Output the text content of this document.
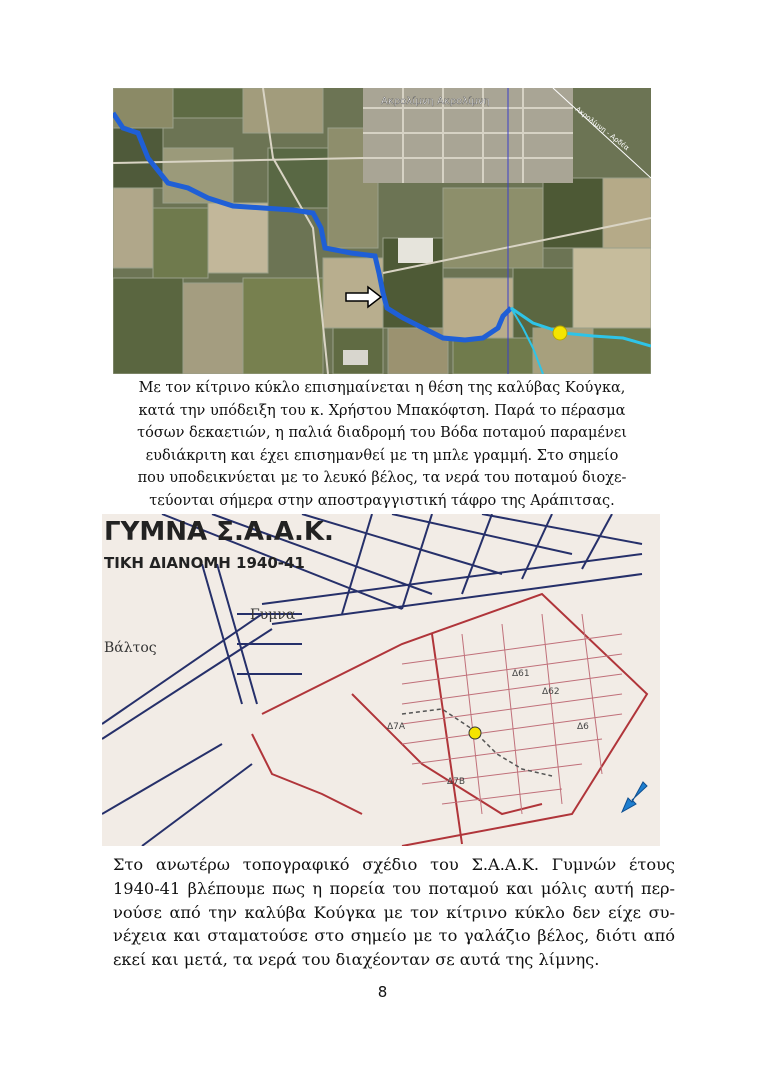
Ακρολίμνη Ακρολίμνη
Ακρολίμνη - Αρδέα
Με τον κίτρινο κύκλο επισημαίνεται η θέση της καλύβας Κούγκα,
κατά την υπόδειξη του κ. Χρήστου Μπακόφτση. Παρά το πέρασμα
τόσων δεκαετιών, η παλιά διαδρομή του Βόδα ποταμού παραμένει
ευδιάκριτη και έχει επισημανθεί με τη μπλε γραμμή. Στο σημείο
που υποδεικνύεται με το λευκό βέλος, τα νερά του ποταμού διοχε-
τεύονται σήμερα στην αποστραγγιστική τάφρο της Αράπιτσας.
ΓΥΜΝΑ Σ.Α.Α.Κ.
ΤΙΚΗ ΔΙΑΝΟΜΗ 1940-41
Βάλτος
Γυμνα
Δ61
Δ62
Δ6
Δ7Β
Δ7Α
Στο ανωτέρω τοπογραφικό σχέδιο του Σ.Α.Α.Κ. Γυμνών έτους
1940-41 βλέπουμε πως η πορεία του ποταμού και μόλις αυτή περ-
νούσε από την καλύβα Κούγκα με τον κίτρινο κύκλο δεν είχε συ-
νέχεια και σταματούσε στο σημείο με το γαλάζιο βέλος, διότι από
εκεί και μετά, τα νερά του διαχέονταν σε αυτά της λίμνης.
8
